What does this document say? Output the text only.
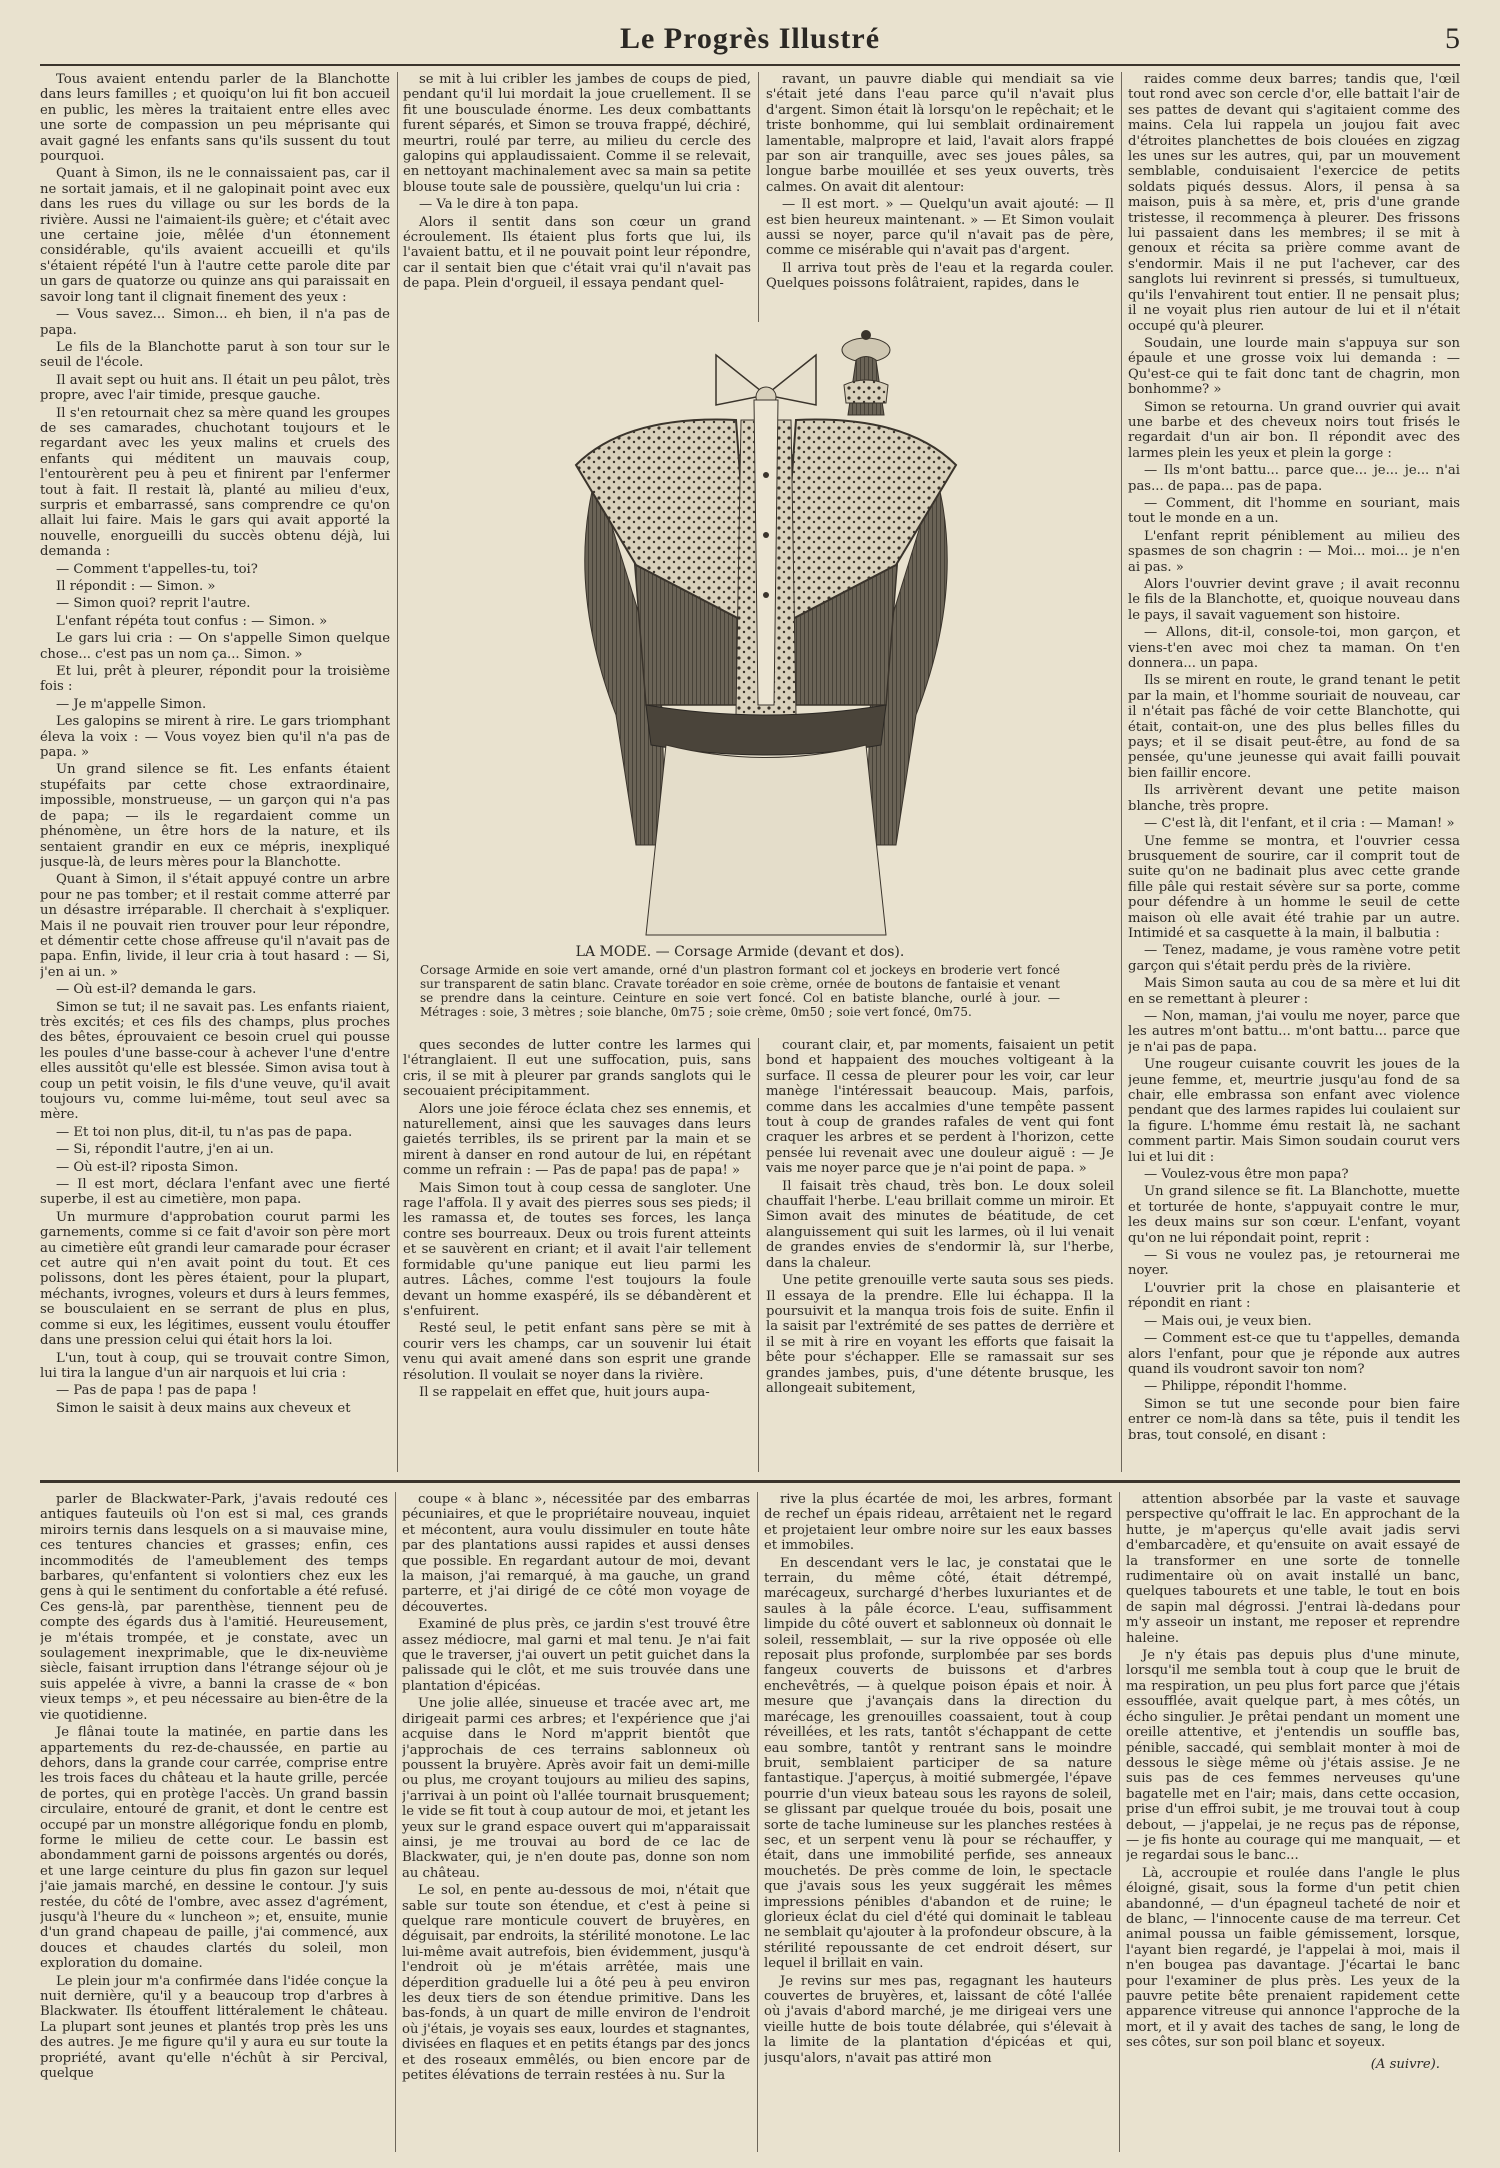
Le Progrès Illustré	5

Tous avaient entendu parler de la Blanchotte dans leurs familles ; et quoiqu'on lui fit bon accueil en public, les mères la traitaient entre elles avec une sorte de compassion un peu méprisante qui avait gagné les enfants sans qu'ils sussent du tout pourquoi.

Quant à Simon, ils ne le connaissaient pas, car il ne sortait jamais, et il ne galopinait point avec eux dans les rues du village ou sur les bords de la rivière. Aussi ne l'aimaient-ils guère; et c'était avec une certaine joie, mêlée d'un étonnement considérable, qu'ils avaient accueilli et qu'ils s'étaient répété l'un à l'autre cette parole dite par un gars de quatorze ou quinze ans qui paraissait en savoir long tant il clignait finement des yeux :

— Vous savez... Simon... eh bien, il n'a pas de papa.

Le fils de la Blanchotte parut à son tour sur le seuil de l'école.

Il avait sept ou huit ans. Il était un peu pâlot, très propre, avec l'air timide, presque gauche.

Il s'en retournait chez sa mère quand les groupes de ses camarades, chuchotant toujours et le regardant avec les yeux malins et cruels des enfants qui méditent un mauvais coup, l'entourèrent peu à peu et finirent par l'enfermer tout à fait. Il restait là, planté au milieu d'eux, surpris et embarrassé, sans comprendre ce qu'on allait lui faire. Mais le gars qui avait apporté la nouvelle, enorgueilli du succès obtenu déjà, lui demanda :

— Comment t'appelles-tu, toi?

Il répondit : — Simon. »

— Simon quoi? reprit l'autre.

L'enfant répéta tout confus : — Simon. »

Le gars lui cria : — On s'appelle Simon quelque chose... c'est pas un nom ça... Simon. »

Et lui, prêt à pleurer, répondit pour la troisième fois :

— Je m'appelle Simon.

Les galopins se mirent à rire. Le gars triomphant éleva la voix : — Vous voyez bien qu'il n'a pas de papa. »

Un grand silence se fit. Les enfants étaient stupéfaits par cette chose extraordinaire, impossible, monstrueuse, — un garçon qui n'a pas de papa; — ils le regardaient comme un phénomène, un être hors de la nature, et ils sentaient grandir en eux ce mépris, inexpliqué jusque-là, de leurs mères pour la Blanchotte.

Quant à Simon, il s'était appuyé contre un arbre pour ne pas tomber; et il restait comme atterré par un désastre irréparable. Il cherchait à s'expliquer. Mais il ne pouvait rien trouver pour leur répondre, et démentir cette chose affreuse qu'il n'avait pas de papa. Enfin, livide, il leur cria à tout hasard : — Si, j'en ai un. »

— Où est-il? demanda le gars.

Simon se tut; il ne savait pas. Les enfants riaient, très excités; et ces fils des champs, plus proches des bêtes, éprouvaient ce besoin cruel qui pousse les poules d'une basse-cour à achever l'une d'entre elles aussitôt qu'elle est blessée. Simon avisa tout à coup un petit voisin, le fils d'une veuve, qu'il avait toujours vu, comme lui-même, tout seul avec sa mère.

— Et toi non plus, dit-il, tu n'as pas de papa.

— Si, répondit l'autre, j'en ai un.

— Où est-il? riposta Simon.

— Il est mort, déclara l'enfant avec une fierté superbe, il est au cimetière, mon papa.

Un murmure d'approbation courut parmi les garnements, comme si ce fait d'avoir son père mort au cimetière eût grandi leur camarade pour écraser cet autre qui n'en avait point du tout. Et ces polissons, dont les pères étaient, pour la plupart, méchants, ivrognes, voleurs et durs à leurs femmes, se bousculaient en se serrant de plus en plus, comme si eux, les légitimes, eussent voulu étouffer dans une pression celui qui était hors la loi.

L'un, tout à coup, qui se trouvait contre Simon, lui tira la langue d'un air narquois et lui cria :

— Pas de papa ! pas de papa !

Simon le saisit à deux mains aux cheveux et

se mit à lui cribler les jambes de coups de pied, pendant qu'il lui mordait la joue cruellement. Il se fit une bousculade énorme. Les deux combattants furent séparés, et Simon se trouva frappé, déchiré, meurtri, roulé par terre, au milieu du cercle des galopins qui applaudissaient. Comme il se relevait, en nettoyant machinalement avec sa main sa petite blouse toute sale de poussière, quelqu'un lui cria :

— Va le dire à ton papa.

Alors il sentit dans son cœur un grand écroulement. Ils étaient plus forts que lui, ils l'avaient battu, et il ne pouvait point leur répondre, car il sentait bien que c'était vrai qu'il n'avait pas de papa. Plein d'orgueil, il essaya pendant quel-

ravant, un pauvre diable qui mendiait sa vie s'était jeté dans l'eau parce qu'il n'avait plus d'argent. Simon était là lorsqu'on le repêchait; et le triste bonhomme, qui lui semblait ordinairement lamentable, malpropre et laid, l'avait alors frappé par son air tranquille, avec ses joues pâles, sa longue barbe mouillée et ses yeux ouverts, très calmes. On avait dit alentour:

— Il est mort. » — Quelqu'un avait ajouté: — Il est bien heureux maintenant. » — Et Simon voulait aussi se noyer, parce qu'il n'avait pas de père, comme ce misérable qui n'avait pas d'argent.

Il arriva tout près de l'eau et la regarda couler. Quelques poissons folâtraient, rapides, dans le

LA MODE. — Corsage Armide (devant et dos).
Corsage Armide en soie vert amande, orné d'un plastron formant col et jockeys en broderie vert foncé sur transparent de satin blanc. Cravate toréador en soie crème, ornée de boutons de fantaisie et venant se prendre dans la ceinture. Ceinture en soie vert foncé. Col en batiste blanche, ourlé à jour. — Métrages : soie, 3 mètres ; soie blanche, 0m75 ; soie crème, 0m50 ; soie vert foncé, 0m75.

ques secondes de lutter contre les larmes qui l'étranglaient. Il eut une suffocation, puis, sans cris, il se mit à pleurer par grands sanglots qui le secouaient précipitamment.

Alors une joie féroce éclata chez ses ennemis, et naturellement, ainsi que les sauvages dans leurs gaietés terribles, ils se prirent par la main et se mirent à danser en rond autour de lui, en répétant comme un refrain : — Pas de papa! pas de papa! »

Mais Simon tout à coup cessa de sangloter. Une rage l'affola. Il y avait des pierres sous ses pieds; il les ramassa et, de toutes ses forces, les lança contre ses bourreaux. Deux ou trois furent atteints et se sauvèrent en criant; et il avait l'air tellement formidable qu'une panique eut lieu parmi les autres. Lâches, comme l'est toujours la foule devant un homme exaspéré, ils se débandèrent et s'enfuirent.

Resté seul, le petit enfant sans père se mit à courir vers les champs, car un souvenir lui était venu qui avait amené dans son esprit une grande résolution. Il voulait se noyer dans la rivière.

Il se rappelait en effet que, huit jours aupa-

courant clair, et, par moments, faisaient un petit bond et happaient des mouches voltigeant à la surface. Il cessa de pleurer pour les voir, car leur manège l'intéressait beaucoup. Mais, parfois, comme dans les accalmies d'une tempête passent tout à coup de grandes rafales de vent qui font craquer les arbres et se perdent à l'horizon, cette pensée lui revenait avec une douleur aiguë : — Je vais me noyer parce que je n'ai point de papa. »

Il faisait très chaud, très bon. Le doux soleil chauffait l'herbe. L'eau brillait comme un miroir. Et Simon avait des minutes de béatitude, de cet alanguissement qui suit les larmes, où il lui venait de grandes envies de s'endormir là, sur l'herbe, dans la chaleur.

Une petite grenouille verte sauta sous ses pieds. Il essaya de la prendre. Elle lui échappa. Il la poursuivit et la manqua trois fois de suite. Enfin il la saisit par l'extrémité de ses pattes de derrière et il se mit à rire en voyant les efforts que faisait la bête pour s'échapper. Elle se ramassait sur ses grandes jambes, puis, d'une détente brusque, les allongeait subitement,

raides comme deux barres; tandis que, l'œil tout rond avec son cercle d'or, elle battait l'air de ses pattes de devant qui s'agitaient comme des mains. Cela lui rappela un joujou fait avec d'étroites planchettes de bois clouées en zigzag les unes sur les autres, qui, par un mouvement semblable, conduisaient l'exercice de petits soldats piqués dessus. Alors, il pensa à sa maison, puis à sa mère, et, pris d'une grande tristesse, il recommença à pleurer. Des frissons lui passaient dans les membres; il se mit à genoux et récita sa prière comme avant de s'endormir. Mais il ne put l'achever, car des sanglots lui revinrent si pressés, si tumultueux, qu'ils l'envahirent tout entier. Il ne pensait plus; il ne voyait plus rien autour de lui et il n'était occupé qu'à pleurer.

Soudain, une lourde main s'appuya sur son épaule et une grosse voix lui demanda : — Qu'est-ce qui te fait donc tant de chagrin, mon bonhomme? »

Simon se retourna. Un grand ouvrier qui avait une barbe et des cheveux noirs tout frisés le regardait d'un air bon. Il répondit avec des larmes plein les yeux et plein la gorge :

— Ils m'ont battu... parce que... je... je... n'ai pas... de papa... pas de papa.

— Comment, dit l'homme en souriant, mais tout le monde en a un.

L'enfant reprit péniblement au milieu des spasmes de son chagrin : — Moi... moi... je n'en ai pas. »

Alors l'ouvrier devint grave ; il avait reconnu le fils de la Blanchotte, et, quoique nouveau dans le pays, il savait vaguement son histoire.

— Allons, dit-il, console-toi, mon garçon, et viens-t'en avec moi chez ta maman. On t'en donnera... un papa.

Ils se mirent en route, le grand tenant le petit par la main, et l'homme souriait de nouveau, car il n'était pas fâché de voir cette Blanchotte, qui était, contait-on, une des plus belles filles du pays; et il se disait peut-être, au fond de sa pensée, qu'une jeunesse qui avait failli pouvait bien faillir encore.

Ils arrivèrent devant une petite maison blanche, très propre.

— C'est là, dit l'enfant, et il cria : — Maman! »

Une femme se montra, et l'ouvrier cessa brusquement de sourire, car il comprit tout de suite qu'on ne badinait plus avec cette grande fille pâle qui restait sévère sur sa porte, comme pour défendre à un homme le seuil de cette maison où elle avait été trahie par un autre. Intimidé et sa casquette à la main, il balbutia :

— Tenez, madame, je vous ramène votre petit garçon qui s'était perdu près de la rivière.

Mais Simon sauta au cou de sa mère et lui dit en se remettant à pleurer :

— Non, maman, j'ai voulu me noyer, parce que les autres m'ont battu... m'ont battu... parce que je n'ai pas de papa.

Une rougeur cuisante couvrit les joues de la jeune femme, et, meurtrie jusqu'au fond de sa chair, elle embrassa son enfant avec violence pendant que des larmes rapides lui coulaient sur la figure. L'homme ému restait là, ne sachant comment partir. Mais Simon soudain courut vers lui et lui dit :

— Voulez-vous être mon papa?

Un grand silence se fit. La Blanchotte, muette et torturée de honte, s'appuyait contre le mur, les deux mains sur son cœur. L'enfant, voyant qu'on ne lui répondait point, reprit :

— Si vous ne voulez pas, je retournerai me noyer.

L'ouvrier prit la chose en plaisanterie et répondit en riant :

— Mais oui, je veux bien.

— Comment est-ce que tu t'appelles, demanda alors l'enfant, pour que je réponde aux autres quand ils voudront savoir ton nom?

— Philippe, répondit l'homme.

Simon se tut une seconde pour bien faire entrer ce nom-là dans sa tête, puis il tendit les bras, tout consolé, en disant :

parler de Blackwater-Park, j'avais redouté ces antiques fauteuils où l'on est si mal, ces grands miroirs ternis dans lesquels on a si mauvaise mine, ces tentures chancies et grasses; enfin, ces incommodités de l'ameublement des temps barbares, qu'enfantent si volontiers chez eux les gens à qui le sentiment du confortable a été refusé. Ces gens-là, par parenthèse, tiennent peu de compte des égards dus à l'amitié. Heureusement, je m'étais trompée, et je constate, avec un soulagement inexprimable, que le dix-neuvième siècle, faisant irruption dans l'étrange séjour où je suis appelée à vivre, a banni la crasse de « bon vieux temps », et peu nécessaire au bien-être de la vie quotidienne.

Je flânai toute la matinée, en partie dans les appartements du rez-de-chaussée, en partie au dehors, dans la grande cour carrée, comprise entre les trois faces du château et la haute grille, percée de portes, qui en protège l'accès. Un grand bassin circulaire, entouré de granit, et dont le centre est occupé par un monstre allégorique fondu en plomb, forme le milieu de cette cour. Le bassin est abondamment garni de poissons argentés ou dorés, et une large ceinture du plus fin gazon sur lequel j'aie jamais marché, en dessine le contour. J'y suis restée, du côté de l'ombre, avec assez d'agrément, jusqu'à l'heure du « luncheon »; et, ensuite, munie d'un grand chapeau de paille, j'ai commencé, aux douces et chaudes clartés du soleil, mon exploration du domaine.

Le plein jour m'a confirmée dans l'idée conçue la nuit dernière, qu'il y a beaucoup trop d'arbres à Blackwater. Ils étouffent littéralement le château. La plupart sont jeunes et plantés trop près les uns des autres. Je me figure qu'il y aura eu sur toute la propriété, avant qu'elle n'échût à sir Percival, quelque

coupe « à blanc », nécessitée par des embarras pécuniaires, et que le propriétaire nouveau, inquiet et mécontent, aura voulu dissimuler en toute hâte par des plantations aussi rapides et aussi denses que possible. En regardant autour de moi, devant la maison, j'ai remarqué, à ma gauche, un grand parterre, et j'ai dirigé de ce côté mon voyage de découvertes.

Examiné de plus près, ce jardin s'est trouvé être assez médiocre, mal garni et mal tenu. Je n'ai fait que le traverser, j'ai ouvert un petit guichet dans la palissade qui le clôt, et me suis trouvée dans une plantation d'épicéas.

Une jolie allée, sinueuse et tracée avec art, me dirigeait parmi ces arbres; et l'expérience que j'ai acquise dans le Nord m'apprit bientôt que j'approchais de ces terrains sablonneux où poussent la bruyère. Après avoir fait un demi-mille ou plus, me croyant toujours au milieu des sapins, j'arrivai à un point où l'allée tournait brusquement; le vide se fit tout à coup autour de moi, et jetant les yeux sur le grand espace ouvert qui m'apparaissait ainsi, je me trouvai au bord de ce lac de Blackwater, qui, je n'en doute pas, donne son nom au château.

Le sol, en pente au-dessous de moi, n'était que sable sur toute son étendue, et c'est à peine si quelque rare monticule couvert de bruyères, en déguisait, par endroits, la stérilité monotone. Le lac lui-même avait autrefois, bien évidemment, jusqu'à l'endroit où je m'étais arrêtée, mais une déperdition graduelle lui a ôté peu à peu environ les deux tiers de son étendue primitive. Dans les bas-fonds, à un quart de mille environ de l'endroit où j'étais, je voyais ses eaux, lourdes et stagnantes, divisées en flaques et en petits étangs par des joncs et des roseaux emmêlés, ou bien encore par de petites élévations de terrain restées à nu. Sur la

rive la plus écartée de moi, les arbres, formant de rechef un épais rideau, arrêtaient net le regard et projetaient leur ombre noire sur les eaux basses et immobiles.

En descendant vers le lac, je constatai que le terrain, du même côté, était détrempé, marécageux, surchargé d'herbes luxuriantes et de saules à la pâle écorce. L'eau, suffisamment limpide du côté ouvert et sablonneux où donnait le soleil, ressemblait, — sur la rive opposée où elle reposait plus profonde, surplombée par ses bords fangeux couverts de buissons et d'arbres enchevêtrés, — à quelque poison épais et noir. À mesure que j'avançais dans la direction du marécage, les grenouilles coassaient, tout à coup réveillées, et les rats, tantôt s'échappant de cette eau sombre, tantôt y rentrant sans le moindre bruit, semblaient participer de sa nature fantastique. J'aperçus, à moitié submergée, l'épave pourrie d'un vieux bateau sous les rayons de soleil, se glissant par quelque trouée du bois, posait une sorte de tache lumineuse sur les planches restées à sec, et un serpent venu là pour se réchauffer, y était, dans une immobilité perfide, ses anneaux mouchetés. De près comme de loin, le spectacle que j'avais sous les yeux suggérait les mêmes impressions pénibles d'abandon et de ruine; le glorieux éclat du ciel d'été qui dominait le tableau ne semblait qu'ajouter à la profondeur obscure, à la stérilité repoussante de cet endroit désert, sur lequel il brillait en vain.

Je revins sur mes pas, regagnant les hauteurs couvertes de bruyères, et, laissant de côté l'allée où j'avais d'abord marché, je me dirigeai vers une vieille hutte de bois toute délabrée, qui s'élevait à la limite de la plantation d'épicéas et qui, jusqu'alors, n'avait pas attiré mon

attention absorbée par la vaste et sauvage perspective qu'offrait le lac. En approchant de la hutte, je m'aperçus qu'elle avait jadis servi d'embarcadère, et qu'ensuite on avait essayé de la transformer en une sorte de tonnelle rudimentaire où on avait installé un banc, quelques tabourets et une table, le tout en bois de sapin mal dégrossi. J'entrai là-dedans pour m'y asseoir un instant, me reposer et reprendre haleine.

Je n'y étais pas depuis plus d'une minute, lorsqu'il me sembla tout à coup que le bruit de ma respiration, un peu plus fort parce que j'étais essoufflée, avait quelque part, à mes côtés, un écho singulier. Je prêtai pendant un moment une oreille attentive, et j'entendis un souffle bas, pénible, saccadé, qui semblait monter à moi de dessous le siège même où j'étais assise. Je ne suis pas de ces femmes nerveuses qu'une bagatelle met en l'air; mais, dans cette occasion, prise d'un effroi subit, je me trouvai tout à coup debout, — j'appelai, je ne reçus pas de réponse, — je fis honte au courage qui me manquait, — et je regardai sous le banc...

Là, accroupie et roulée dans l'angle le plus éloigné, gisait, sous la forme d'un petit chien abandonné, — d'un épagneul tacheté de noir et de blanc, — l'innocente cause de ma terreur. Cet animal poussa un faible gémissement, lorsque, l'ayant bien regardé, je l'appelai à moi, mais il n'en bougea pas davantage. J'écartai le banc pour l'examiner de plus près. Les yeux de la pauvre petite bête prenaient rapidement cette apparence vitreuse qui annonce l'approche de la mort, et il y avait des taches de sang, le long de ses côtes, sur son poil blanc et soyeux.

(A suivre).
